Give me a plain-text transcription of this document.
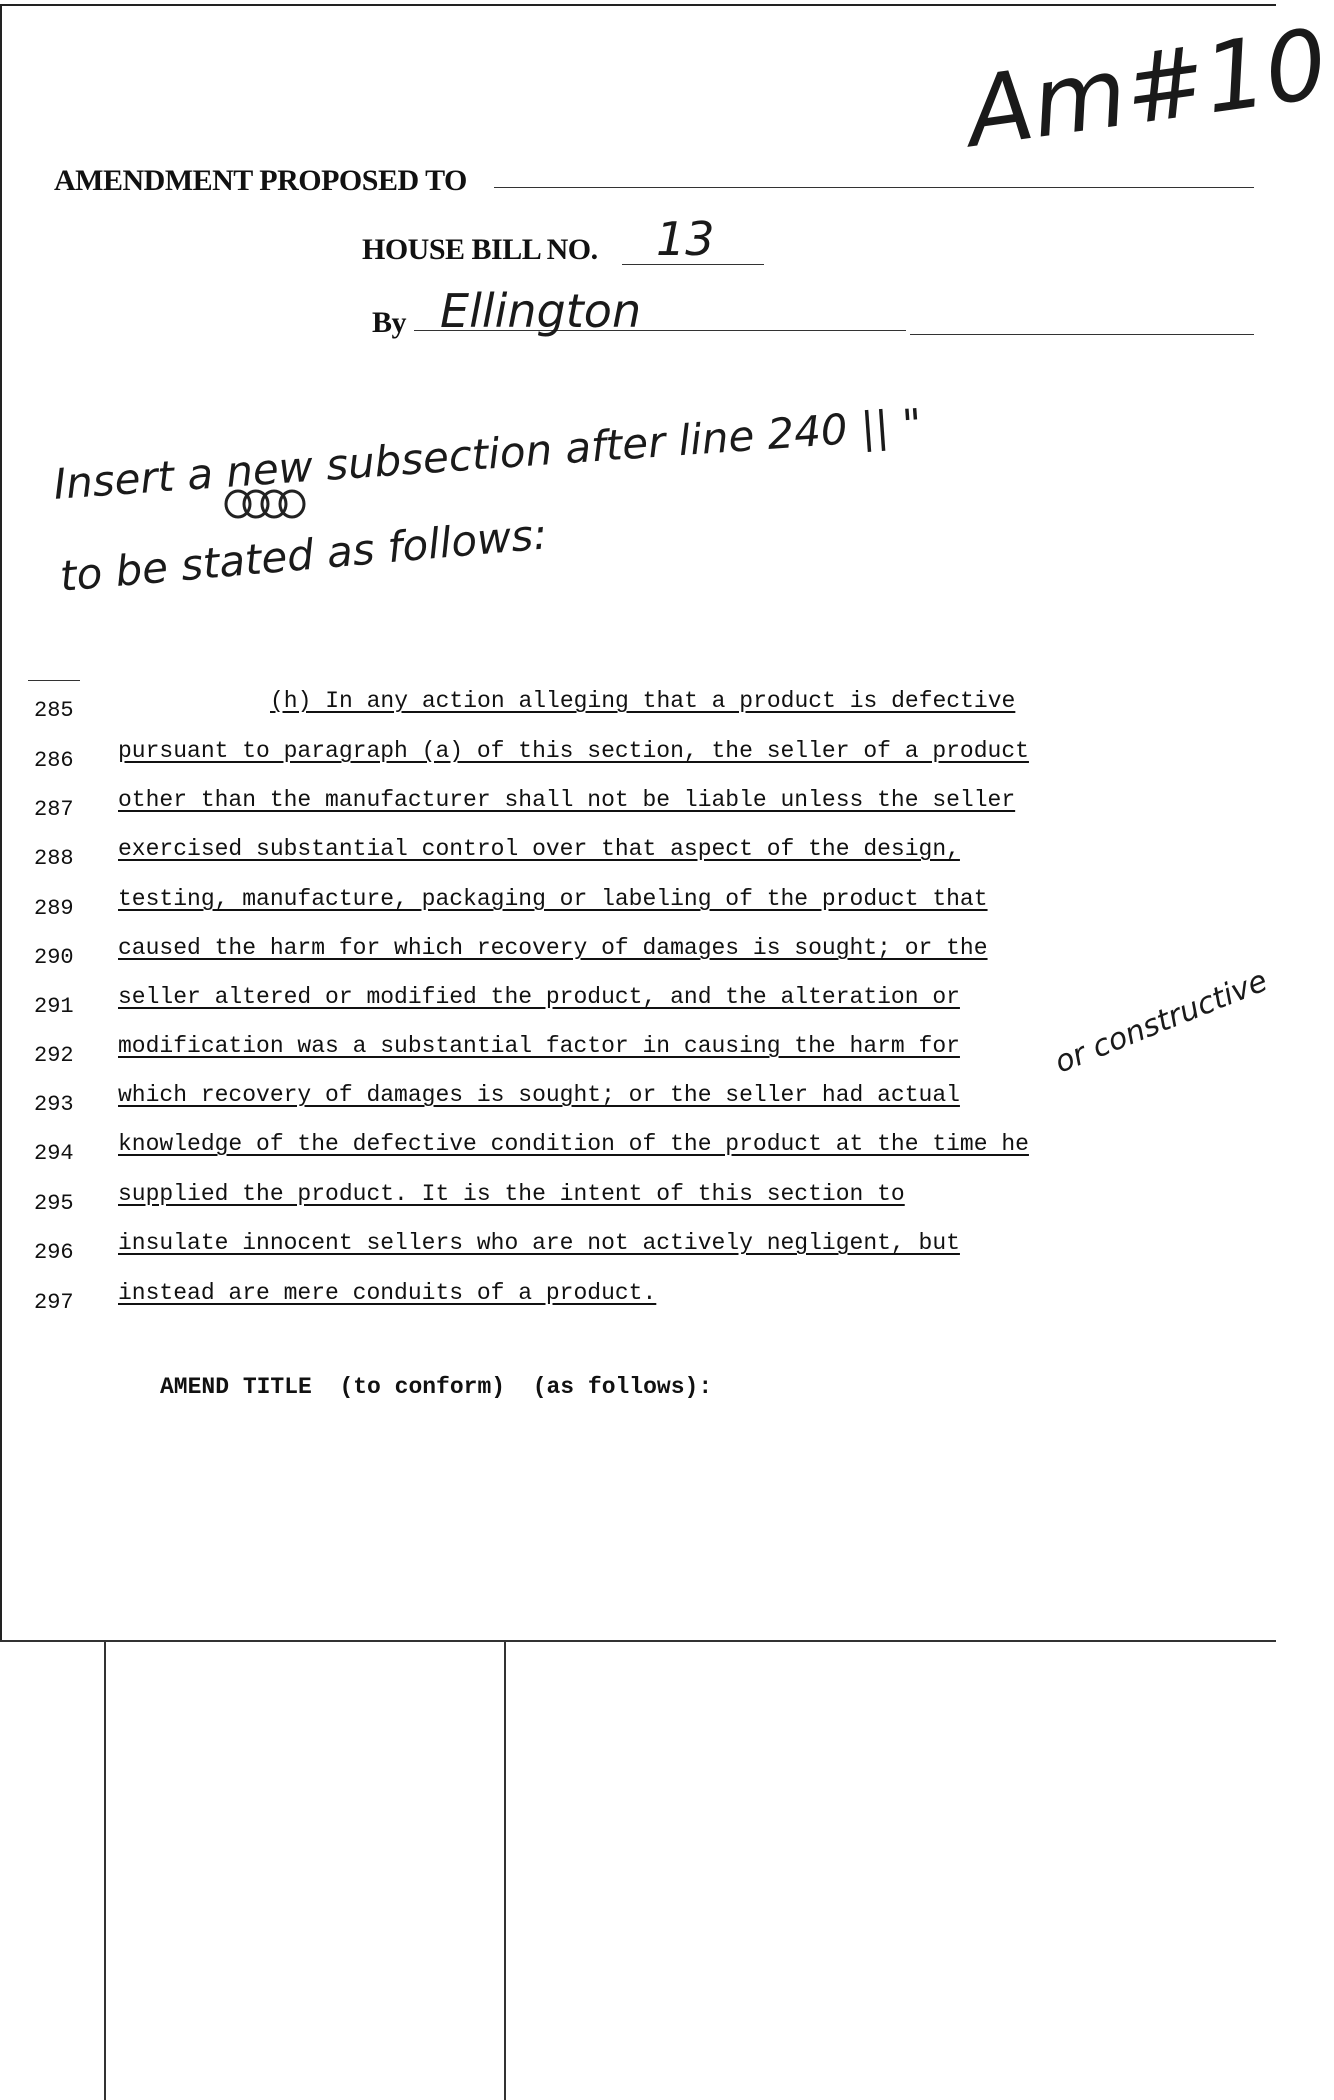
AMENDMENT PROPOSED TO
HOUSE BILL NO. 13
By Ellington
Am#10
Insert a new subsection after line 240 || "
to be stated as follows:
or constructive
285	(h) In any action alleging that a product is defective
286	pursuant to paragraph (a) of this section, the seller of a product
287	other than the manufacturer shall not be liable unless the seller
288	exercised substantial control over that aspect of the design,
289	testing, manufacture, packaging or labeling of the product that
290	caused the harm for which recovery of damages is sought; or the
291	seller altered or modified the product, and the alteration or
292	modification was a substantial factor in causing the harm for
293	which recovery of damages is sought; or the seller had actual
294	knowledge of the defective condition of the product at the time he
295	supplied the product. It is the intent of this section to
296	insulate innocent sellers who are not actively negligent, but
297	instead are mere conduits of a product.
AMEND TITLE (to conform) (as follows):
